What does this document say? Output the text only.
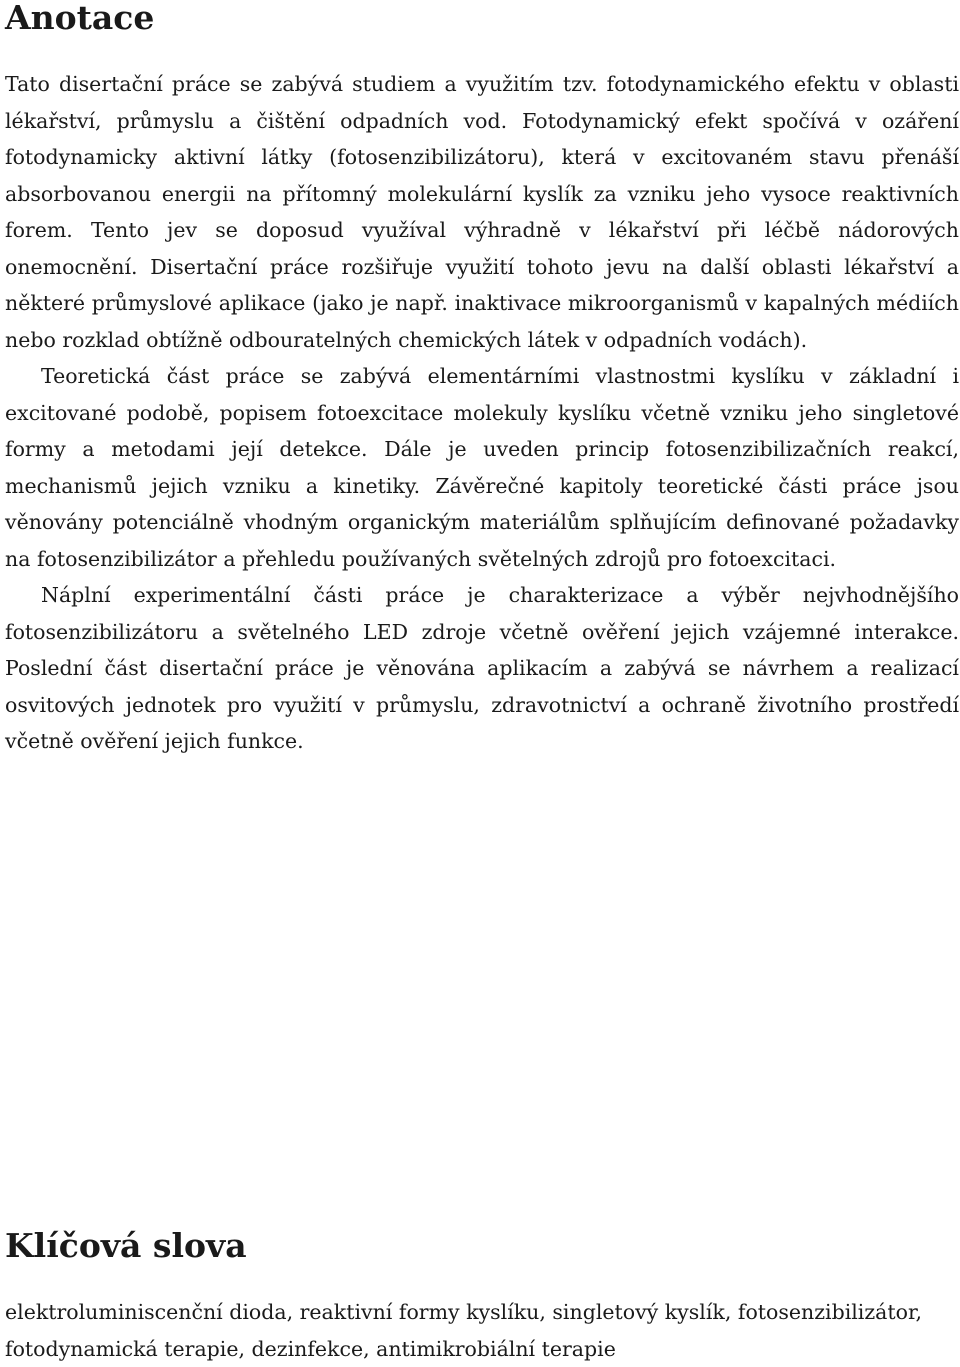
Anotace

Tato disertační práce se zabývá studiem a využitím tzv. fotodynamického efektu v oblasti lékařství, průmyslu a čištění odpadních vod. Fotodynamický efekt spočívá v ozáření fotodynamicky aktivní látky (fotosenzibilizátoru), která v excitovaném stavu přenáší absorbovanou energii na přítomný molekulární kyslík za vzniku jeho vysoce reaktivních forem. Tento jev se doposud využíval výhradně v lékařství při léčbě nádorových onemocnění. Disertační práce rozšiřuje využití tohoto jevu na další oblasti lékařství a některé průmyslové aplikace (jako je např. inaktivace mikroorganismů v kapalných médiích nebo rozklad obtížně odbouratelných chemických látek v odpadních vodách).

Teoretická část práce se zabývá elementárními vlastnostmi kyslíku v základní i excitované podobě, popisem fotoexcitace molekuly kyslíku včetně vzniku jeho singletové formy a metodami její detekce. Dále je uveden princip fotosenzibilizačních reakcí, mechanismů jejich vzniku a kinetiky. Závěrečné kapitoly teoretické části práce jsou věnovány potenciálně vhodným organickým materiálům splňujícím definované požadavky na fotosenzibilizátor a přehledu používaných světelných zdrojů pro fotoexcitaci.

Náplní experimentální části práce je charakterizace a výběr nejvhodnějšího fotosenzibilizátoru a světelného LED zdroje včetně ověření jejich vzájemné interakce. Poslední část disertační práce je věnována aplikacím a zabývá se návrhem a realizací osvitových jednotek pro využití v průmyslu, zdravotnictví a ochraně životního prostředí včetně ověření jejich funkce.

Klíčová slova

elektroluminiscenční dioda, reaktivní formy kyslíku, singletový kyslík, fotosenzibilizátor, fotodynamická terapie, dezinfekce, antimikrobiální terapie
